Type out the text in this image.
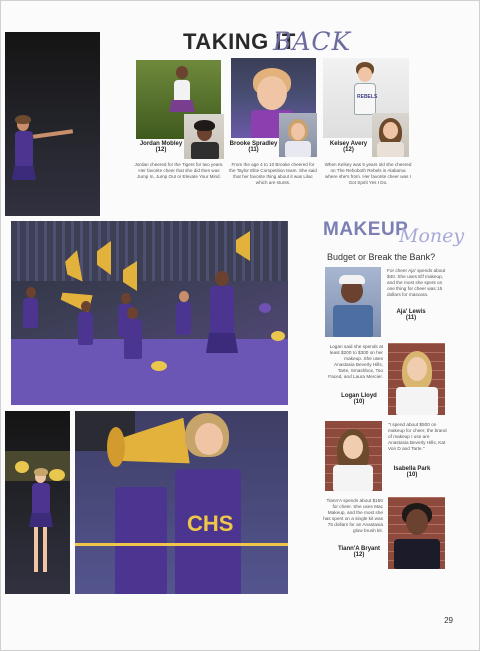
TAKING IT
BACK
Jordan Mobley
(12)
Jordan cheered for the Tigers for two years. Her favorite cheer that she did then was Jump In, Jump Out or Elevate Your Mind.
Brooke Spradley
(11)
From the age 4 to 10 Brooke cheered for the Taylor Elite Competition team. She said that her favorite thing about it was Lilac which are stunts.
REBELS
Kelsey Avery
(12)
When Kelsey was 5 years old she cheered on The Rehoboth Rebels in Alabama where she's from. Her favorite cheer was I Got Spirit Yes I Do.
CHS
MAKEUP
Money
Budget or Break the Bank?
For cheer Aja' spends about $40. She uses Elf makeup, and the most she spent on one thing for cheer was 15 dollars for mascara.
Aja' Lewis
(11)
Logan said she spends at least $200 to $300 on her makeup. She uses Anastasia Beverly Hills, Tarte, Smashbox, Too Faced, and Laura Mercier.
Logan Lloyd
(10)
"I spend about $500 on makeup for cheer, the brand of makeup I use are Anastasia Beverly Hills, Kat Von D and Tarte."
Isabella Park
(10)
Tiann'A spends about $150 for cheer. She uses Mac Makeup, and the most she has spent on a single kit was 75 dollars for an Anastasia glow brush kit.
Tiann'A Bryant
(12)
29
